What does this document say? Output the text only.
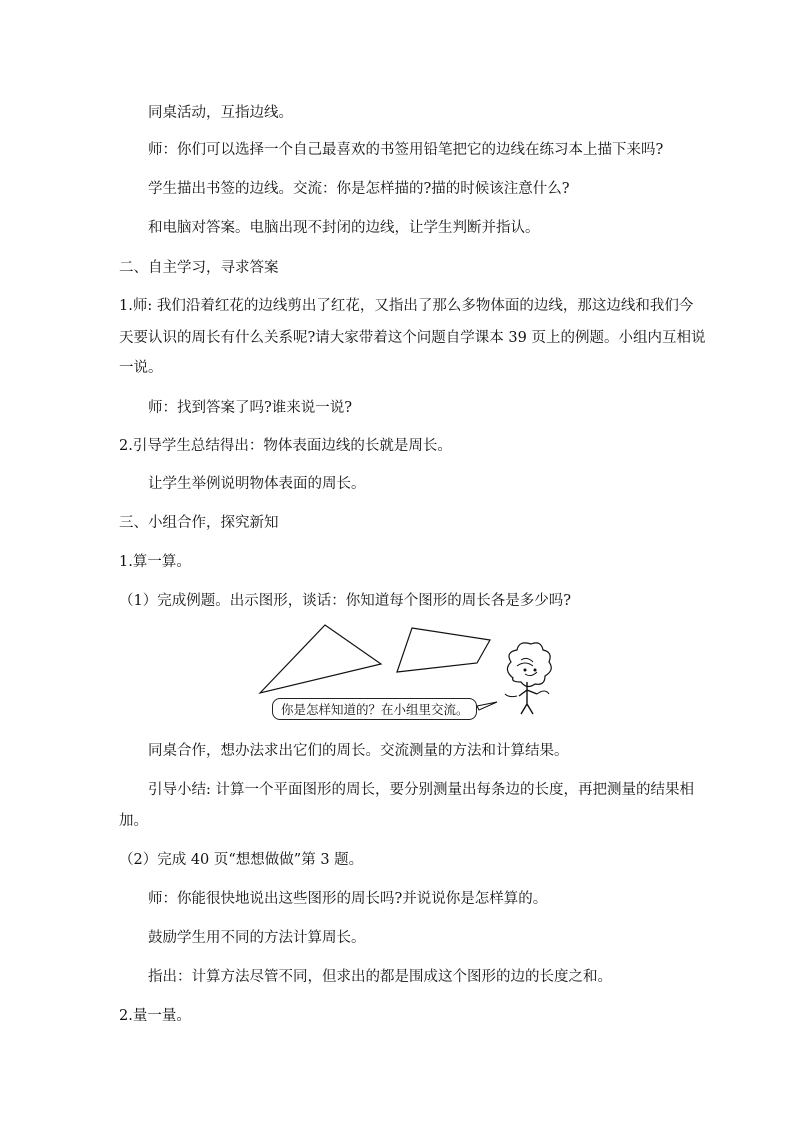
同桌活动，互指边线。
师：你们可以选择一个自己最喜欢的书签用铅笔把它的边线在练习本上描下来吗?
学生描出书签的边线。交流：你是怎样描的?描的时候该注意什么?
和电脑对答案。电脑出现不封闭的边线，让学生判断并指认。
二、自主学习，寻求答案
1.师: 我们沿着红花的边线剪出了红花，又指出了那么多物体面的边线，那这边线和我们今
天要认识的周长有什么关系呢?请大家带着这个问题自学课本 39 页上的例题。小组内互相说
一说。
师：找到答案了吗?谁来说一说?
2.引导学生总结得出：物体表面边线的长就是周长。
让学生举例说明物体表面的周长。
三、小组合作，探究新知
1.算一算。
（1）完成例题。出示图形，谈话：你知道每个图形的周长各是多少吗?
你是怎样知道的？在小组里交流。
同桌合作，想办法求出它们的周长。交流测量的方法和计算结果。
引导小结: 计算一个平面图形的周长，要分别测量出每条边的长度，再把测量的结果相
加。
（2）完成 40 页“想想做做”第 3 题。
师：你能很快地说出这些图形的周长吗?并说说你是怎样算的。
鼓励学生用不同的方法计算周长。
指出：计算方法尽管不同，但求出的都是围成这个图形的边的长度之和。
2.量一量。
